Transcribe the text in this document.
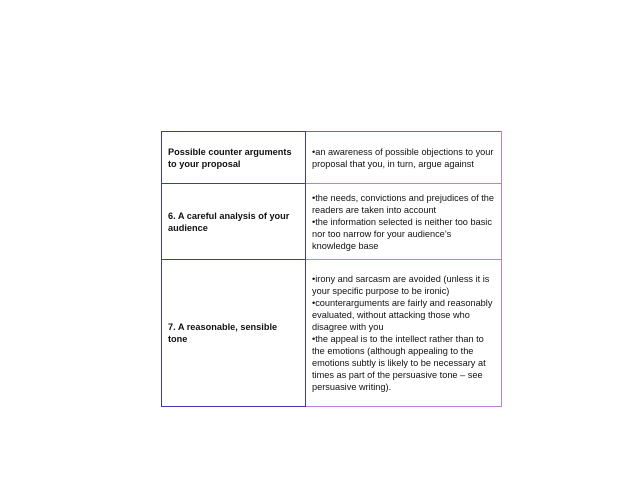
Possible counter arguments to your proposal	•an awareness of possible objections to your proposal that you, in turn, argue against

6. A careful analysis of your audience	•the needs, convictions and prejudices of the readers are taken into account
•the information selected is neither too basic nor too narrow for your audience’s knowledge base

7. A reasonable, sensible tone	•irony and sarcasm are avoided (unless it is your specific purpose to be ironic)
•counterarguments are fairly and reasonably evaluated, without attacking those who disagree with you
•the appeal is to the intellect rather than to the emotions (although appealing to the emotions subtly is likely to be necessary at times as part of the persuasive tone – see persuasive writing).
